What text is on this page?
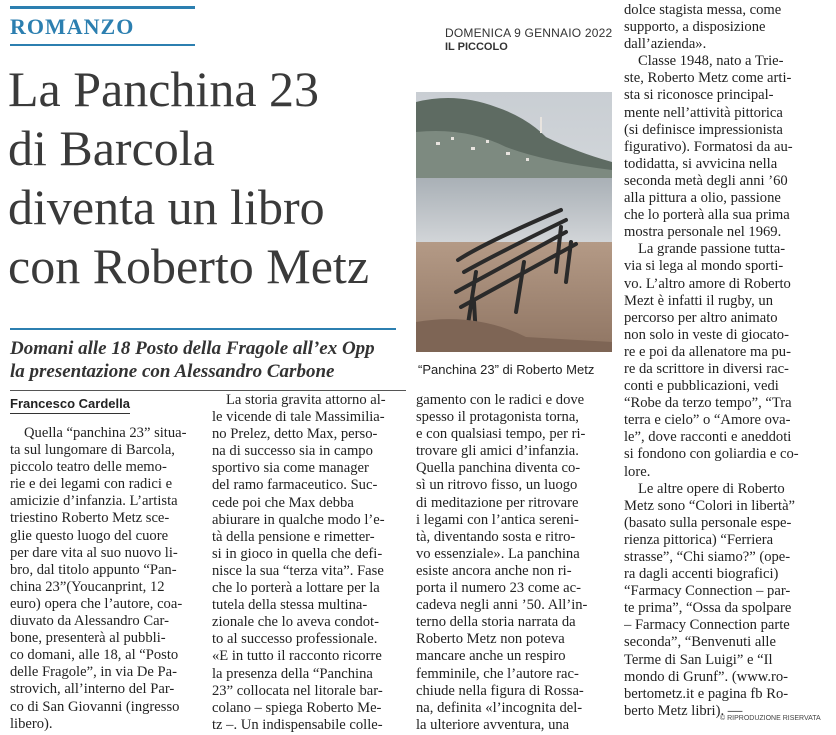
ROMANZO
La Panchina 23
di Barcola
diventa un libro
con Roberto Metz
Domani alle 18 Posto della Fragole all’ex Opp
la presentazione con Alessandro Carbone
Francesco Cardella
DOMENICA 9 GENNAIO 2022
IL PICCOLO
“Panchina 23” di Roberto Metz
Quella “panchina 23” situa-
ta sul lungomare di Barcola,
piccolo teatro delle memo-
rie e dei legami con radici e
amicizie d’infanzia. L’artista
triestino Roberto Metz sce-
glie questo luogo del cuore
per dare vita al suo nuovo li-
bro, dal titolo appunto “Pan-
china 23”(Youcanprint, 12
euro) opera che l’autore, coa-
diuvato da Alessandro Car-
bone, presenterà al pubbli-
co domani, alle 18, al “Posto
delle Fragole”, in via De Pa-
strovich, all’interno del Par-
co di San Giovanni (ingresso
libero).
La storia gravita attorno al-
le vicende di tale Massimilia-
no Prelez, detto Max, perso-
na di successo sia in campo
sportivo sia come manager
del ramo farmaceutico. Suc-
cede poi che Max debba
abiurare in qualche modo l’e-
tà della pensione e rimetter-
si in gioco in quella che defi-
nisce la sua “terza vita”. Fase
che lo porterà a lottare per la
tutela della stessa multina-
zionale che lo aveva condot-
to al successo professionale.
«E in tutto il racconto ricorre
la presenza della “Panchina
23” collocata nel litorale bar-
colano – spiega Roberto Me-
tz –. Un indispensabile colle-
gamento con le radici e dove
spesso il protagonista torna,
e con qualsiasi tempo, per ri-
trovare gli amici d’infanzia.
Quella panchina diventa co-
sì un ritrovo fisso, un luogo
di meditazione per ritrovare
i legami con l’antica sereni-
tà, diventando sosta e ritro-
vo essenziale». La panchina
esiste ancora anche non ri-
porta il numero 23 come ac-
cadeva negli anni ’50. All’in-
terno della storia narrata da
Roberto Metz non poteva
mancare anche un respiro
femminile, che l’autore rac-
chiude nella figura di Rossa-
na, definita «l’incognita del-
la ulteriore avventura, una
dolce stagista messa, come
supporto, a disposizione
dall’azienda».
Classe 1948, nato a Trie-
ste, Roberto Metz come arti-
sta si riconosce principal-
mente nell’attività pittorica
(si definisce impressionista
figurativo). Formatosi da au-
todidatta, si avvicina nella
seconda metà degli anni ’60
alla pittura a olio, passione
che lo porterà alla sua prima
mostra personale nel 1969.
La grande passione tuttа-
via si lega al mondo sporti-
vo. L’altro amore di Roberto
Mezt è infatti il rugby, un
percorso per altro animato
non solo in veste di giocato-
re e poi da allenatore ma pu-
re da scrittore in diversi rac-
conti e pubblicazioni, vedi
“Robe da terzo tempo”, “Tra
terra e cielo” o “Amore ova-
le”, dove racconti e aneddoti
si fondono con goliardia e co-
lore.
Le altre opere di Roberto
Metz sono “Colori in libertà”
(basato sulla personale espe-
rienza pittorica) “Ferriera
strasse”, “Chi siamo?” (ope-
ra dagli accenti biografici)
“Farmacy Connection – par-
te prima”, “Ossa da spolpare
– Farmacy Connection parte
seconda”, “Benvenuti alle
Terme di San Luigi” e “Il
mondo di Grunf”. (www.ro-
bertometz.it e pagina fb Ro-
berto Metz libri). —
© RIPRODUZIONE RISERVATA
